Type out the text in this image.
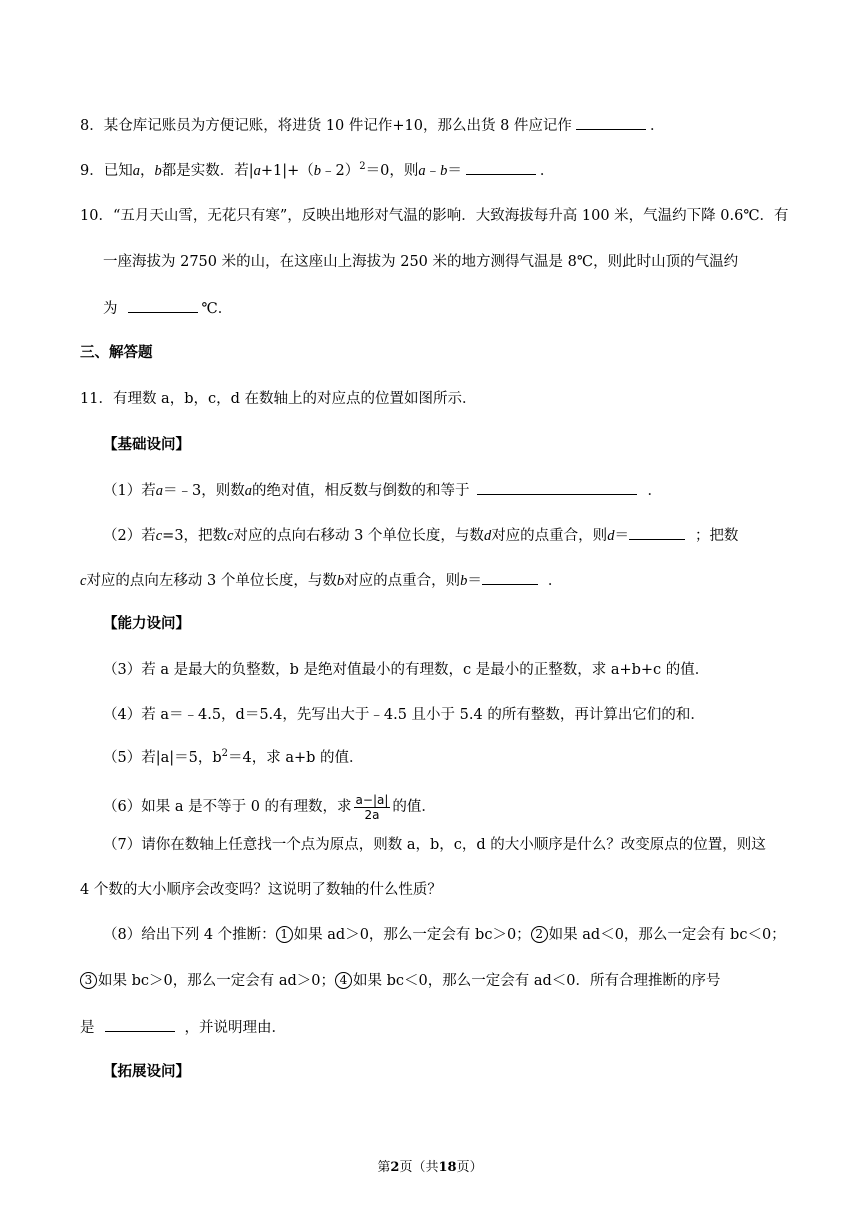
8．某仓库记账员为方便记账，将进货 10 件记作+10，那么出货 8 件应记作	．
9．已知a，b都是实数．若|a+1|+（b﹣2）$^2$＝0，则a﹣b＝	．
10．“五月天山雪，无花只有寒”，反映出地形对气温的影响．大致海拔每升高 100 米，气温约下降 0.6℃．有
一座海拔为 2750 米的山，在这座山上海拔为 250 米的地方测得气温是 8℃，则此时山顶的气温约
为	℃．
三、解答题
11．有理数 a，b，c，d 在数轴上的对应点的位置如图所示．
【基础设问】
（1）若a＝﹣3，则数a的绝对值，相反数与倒数的和等于	．
（2）若c=3，把数c对应的点向右移动 3 个单位长度，与数d对应的点重合，则d＝	；把数
c对应的点向左移动 3 个单位长度，与数b对应的点重合，则b＝	．
【能力设问】
（3）若 a 是最大的负整数，b 是绝对值最小的有理数，c 是最小的正整数，求 a+b+c 的值．
（4）若 a＝﹣4.5，d＝5.4，先写出大于﹣4.5 且小于 5.4 的所有整数，再计算出它们的和．
（5）若|a|＝5，$b^2=4$，求 a+b 的值．
（6）如果 a 是不等于 0 的有理数，求 $\frac{a-|a|}{2a}$ 的值．
（7）请你在数轴上任意找一个点为原点，则数 a，b，c，d 的大小顺序是什么？改变原点的位置，则这
4 个数的大小顺序会改变吗？这说明了数轴的什么性质？
（8）给出下列 4 个推断： 1 如果 ad＞0，那么一定会有 bc＞0； 2 如果 ad＜0，那么一定会有 bc＜0；
3 如果 bc＞0，那么一定会有 ad＞0； 4 如果 bc＜0，那么一定会有 ad＜0．所有合理推断的序号
是	，并说明理由．
【拓展设问】
第2页（共18页）
